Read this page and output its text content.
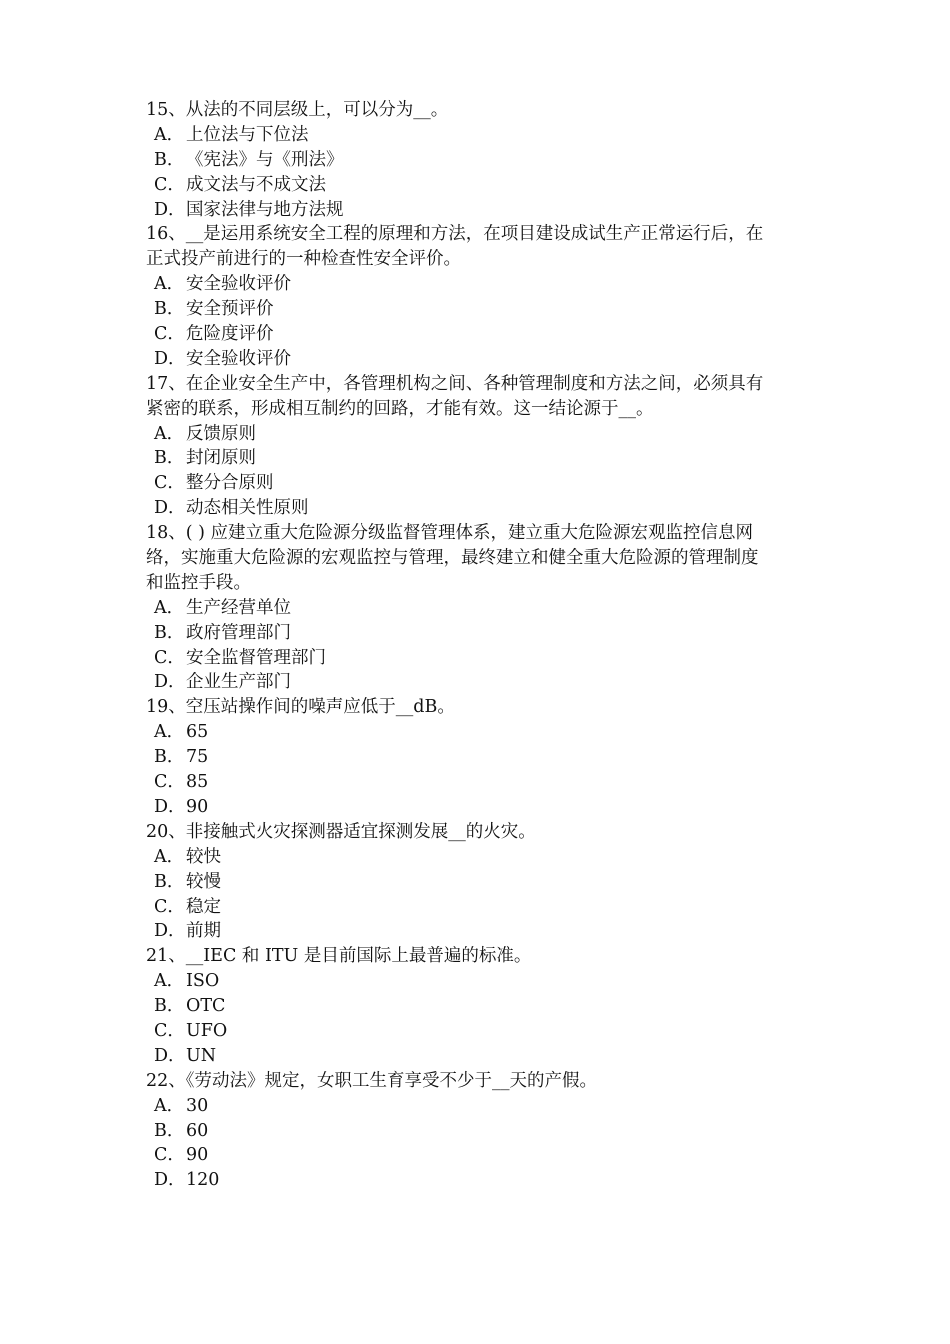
15、从法的不同层级上，可以分为__。
A． 上位法与下位法
B．《宪法》与《刑法》
C．成文法与不成文法
D．国家法律与地方法规
16、__是运用系统安全工程的原理和方法，在项目建设成试生产正常运行后，在
正式投产前进行的一种检查性安全评价。
A． 安全验收评价
B．安全预评价
C．危险度评价
D．安全验收评价
17、在企业安全生产中，各管理机构之间、各种管理制度和方法之间，必须具有
紧密的联系，形成相互制约的回路，才能有效。这一结论源于__。
A． 反馈原则
B．封闭原则
C．整分合原则
D．动态相关性原则
18、( ) 应建立重大危险源分级监督管理体系，建立重大危险源宏观监控信息网
络，实施重大危险源的宏观监控与管理，最终建立和健全重大危险源的管理制度
和监控手段。
A． 生产经营单位
B．政府管理部门
C．安全监督管理部门
D．企业生产部门
19、空压站操作间的噪声应低于__dB。
A． 65
B．75
C．85
D．90
20、非接触式火灾探测器适宜探测发展__的火灾。
A． 较快
B．较慢
C．稳定
D．前期
21、__IEC 和 ITU 是目前国际上最普遍的标准。
A． ISO
B．OTC
C．UFO
D．UN
22、《劳动法》规定，女职工生育享受不少于__天的产假。
A． 30
B．60
C．90
D．120
